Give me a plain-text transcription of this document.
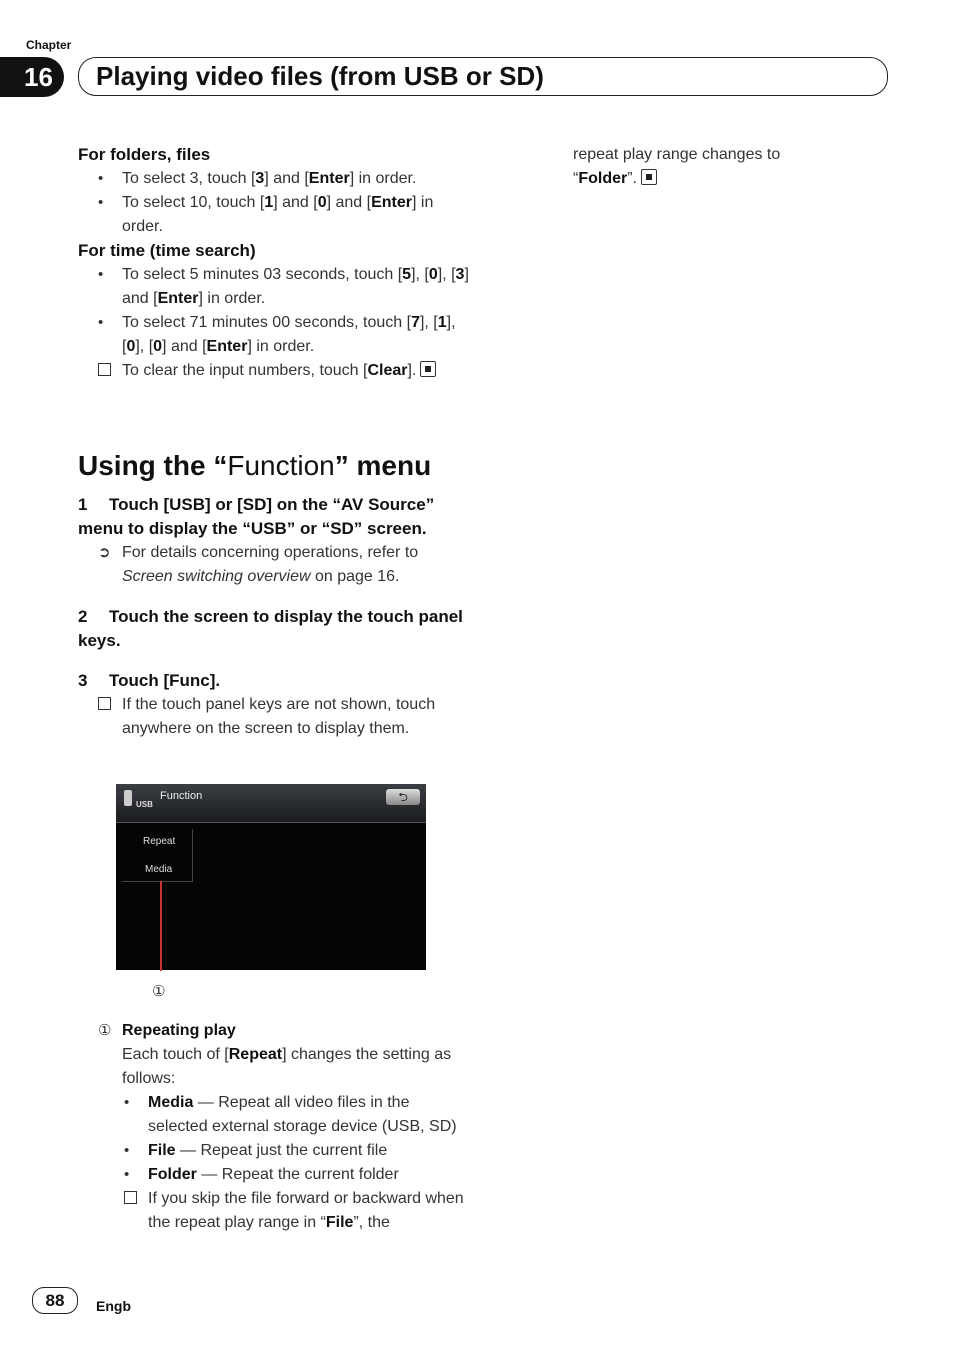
Chapter
16	Playing video files (from USB or SD)

For folders, files

•
To select 3, touch [3] and [Enter] in order.

•
To select 10, touch [1] and [0] and [Enter] in order.

For time (time search)

•
To select 5 minutes 03 seconds, touch [5], [0], [3] and [Enter] in order.

•
To select 71 minutes 00 seconds, touch [7], [1], [0], [0] and [Enter] in order.

To clear the input numbers, touch [Clear].

Using the “Function” menu

1 Touch [USB] or [SD] on the “AV Source” menu to display the “USB” or “SD” screen.

➲ For details concerning operations, refer to Screen switching overview on page 16.

2 Touch the screen to display the touch panel keys.

3 Touch [Func].

If the touch panel keys are not shown, touch anywhere on the screen to display them.

USB
Function	⮌
Repeat
Media
①

① Repeating play

Each touch of [Repeat] changes the setting as follows:

•
Media — Repeat all video files in the selected external storage device (USB, SD)

•
File — Repeat just the current file

•
Folder — Repeat the current folder

If you skip the file forward or backward when the repeat play range in “File”, the

repeat play range changes to
“Folder”.
88	Engb
